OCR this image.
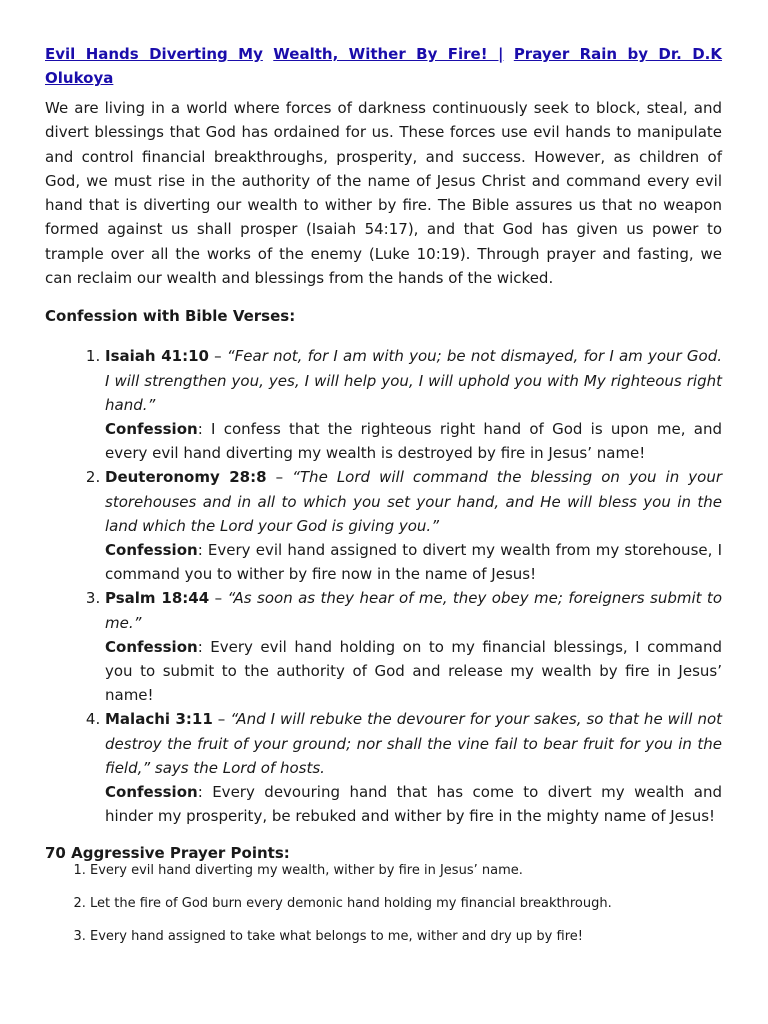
Evil Hands Diverting My Wealth, Wither By Fire! | Prayer Rain by Dr. D.K Olukoya

We are living in a world where forces of darkness continuously seek to block, steal, and divert blessings that God has ordained for us. These forces use evil hands to manipulate and control financial breakthroughs, prosperity, and success. However, as children of God, we must rise in the authority of the name of Jesus Christ and command every evil hand that is diverting our wealth to wither by fire. The Bible assures us that no weapon formed against us shall prosper (Isaiah 54:17), and that God has given us power to trample over all the works of the enemy (Luke 10:19). Through prayer and fasting, we can reclaim our wealth and blessings from the hands of the wicked.

Confession with Bible Verses:

1. Isaiah 41:10 – “Fear not, for I am with you; be not dismayed, for I am your God. I will strengthen you, yes, I will help you, I will uphold you with My righteous right hand.”
Confession: I confess that the righteous right hand of God is upon me, and every evil hand diverting my wealth is destroyed by fire in Jesus’ name!
2. Deuteronomy 28:8 – “The Lord will command the blessing on you in your storehouses and in all to which you set your hand, and He will bless you in the land which the Lord your God is giving you.”
Confession: Every evil hand assigned to divert my wealth from my storehouse, I command you to wither by fire now in the name of Jesus!
3. Psalm 18:44 – “As soon as they hear of me, they obey me; foreigners submit to me.”
Confession: Every evil hand holding on to my financial blessings, I command you to submit to the authority of God and release my wealth by fire in Jesus’ name!
4. Malachi 3:11 – “And I will rebuke the devourer for your sakes, so that he will not destroy the fruit of your ground; nor shall the vine fail to bear fruit for you in the field,” says the Lord of hosts.
Confession: Every devouring hand that has come to divert my wealth and hinder my prosperity, be rebuked and wither by fire in the mighty name of Jesus!

70 Aggressive Prayer Points:

1. Every evil hand diverting my wealth, wither by fire in Jesus’ name.
2. Let the fire of God burn every demonic hand holding my financial breakthrough.
3. Every hand assigned to take what belongs to me, wither and dry up by fire!
